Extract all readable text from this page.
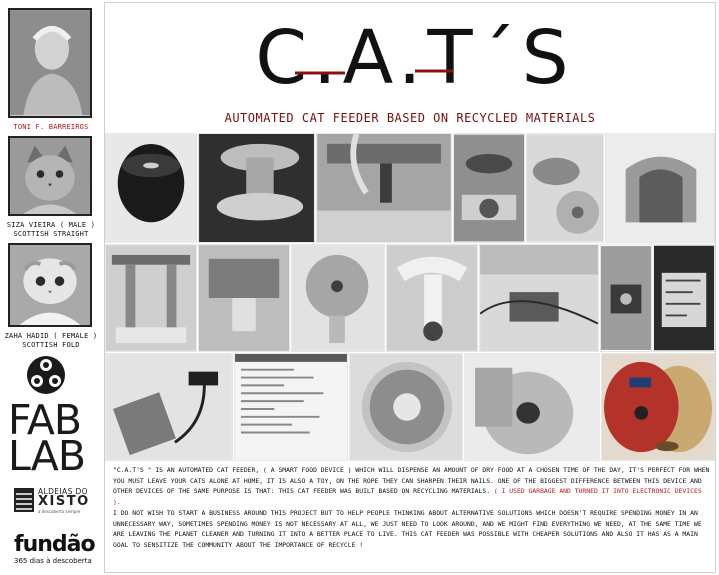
TONI F. BARREIROS
SIZA VIEIRA ( MALE )
SCOTTISH STRAIGHT
ZAHA HADID ( FEMALE )
SCOTTISH FOLD
FAB
LAB
ALDEIAS DO
XISTO
a descoberta sempre
fundão
365 dias à descoberta
C.A.T´S
AUTOMATED CAT FEEDER BASED ON RECYCLED MATERIALS
"C.A.T'S " IS AN AUTOMATED CAT FEEDER, ( A SMART FOOD DEVICE ) WHICH WILL DISPENSE AN AMOUNT OF DRY FOOD AT A CHOSEN TIME OF THE DAY, IT'S PERFECT FOR WHEN YOU MUST LEAVE YOUR CATS ALONE AT HOME, IT IS ALSO A TOY, ON THE ROPE THEY CAN SHARPEN THEIR NAILS. ONE OF THE BIGGEST DIFFERENCE BETWEEN THIS DEVICE AND OTHER DEVICES OF THE SAME PURPOSE IS THAT: THIS CAT FEEDER WAS BUILT BASED ON RECYCLING MATERIALS. ( I USED GARBAGE AND TURNED IT INTO ELECTRONIC DEVICES ).
I DO NOT WISH TO START A BUSINESS AROUND THIS PROJECT BUT TO HELP PEOPLE THINKING ABOUT ALTERNATIVE SOLUTIONS WHICH DOESN'T REQUIRE SPENDING MONEY IN AN UNNECESSARY WAY, SOMETIMES SPENDING MONEY IS NOT NECESSARY AT ALL, WE JUST NEED TO LOOK AROUND, AND WE MIGHT FIND EVERYTHING WE NEED, AT THE SAME TIME WE ARE LEAVING THE PLANET CLEANER AND TURNING IT INTO A BETTER PLACE TO LIVE. THIS CAT FEEDER WAS POSSIBLE WITH CHEAPER SOLUTIONS AND ALSO IT HAS AS A MAIN GOAL TO SENSITIZE THE COMMUNITY ABOUT THE IMPORTANCE OF RECYCLE !
